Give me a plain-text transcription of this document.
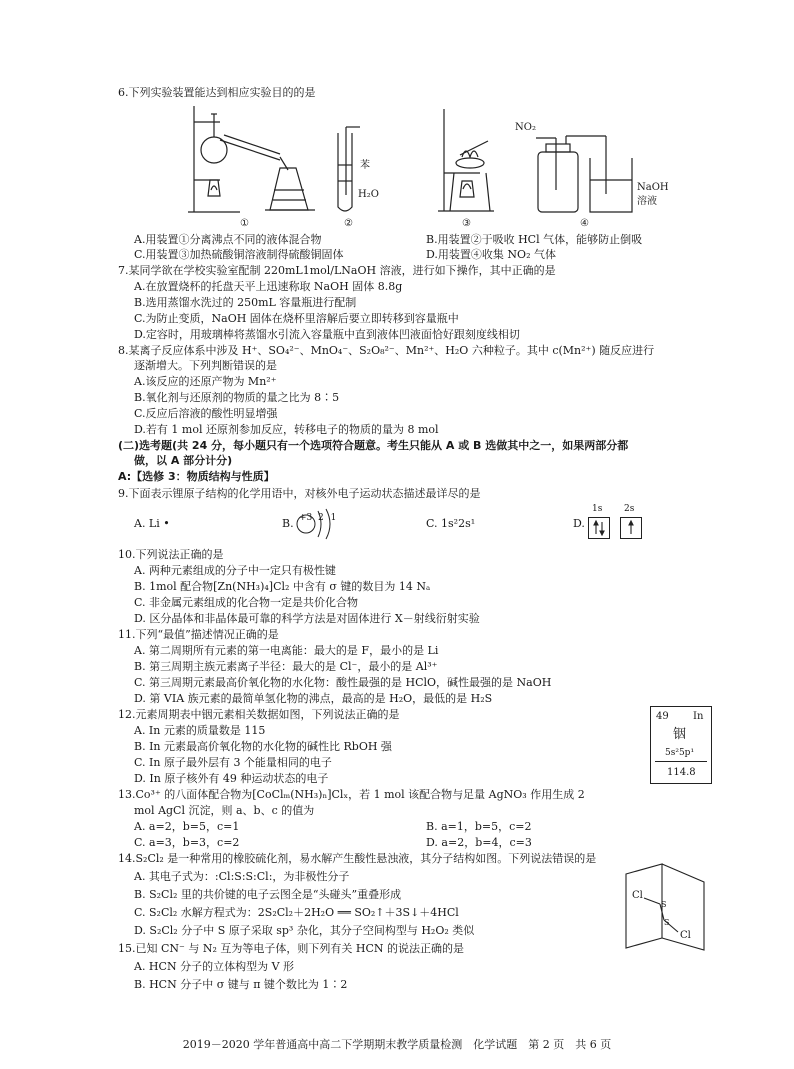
6.下列实验装置能达到相应实验目的的是
①
苯
H₂O
②	③
NO₂
NaOH
溶液
④
A.用装置①分离沸点不同的液体混合物	B.用装置②于吸收 HCl 气体，能够防止倒吸
C.用装置③加热硫酸铜溶液制得硫酸铜固体	D.用装置④收集 NO₂ 气体
7.某同学欲在学校实验室配制 220mL1mol/LNaOH 溶液，进行如下操作，其中正确的是
A.在放置烧杯的托盘天平上迅速称取 NaOH 固体 8.8g
B.选用蒸馏水洗过的 250mL 容量瓶进行配制
C.为防止变质，NaOH 固体在烧杯里溶解后要立即转移到容量瓶中
D.定容时，用玻璃棒将蒸馏水引流入容量瓶中直到液体凹液面恰好跟刻度线相切
8.某离子反应体系中涉及 H⁺、SO₄²⁻、MnO₄⁻、S₂O₈²⁻、Mn²⁺、H₂O 六种粒子。其中 c(Mn²⁺) 随反应进行
逐渐增大。下列判断错误的是
A.该反应的还原产物为 Mn²⁺
B.氧化剂与还原剂的物质的量之比为 8∶5
C.反应后溶液的酸性明显增强
D.若有 1 mol 还原剂参加反应，转移电子的物质的量为 8 mol
(二)选考题(共 24 分，每小题只有一个选项符合题意。考生只能从 A 或 B 选做其中之一，如果两部分都
做，以 A 部分计分)
A:【选修 3：物质结构与性质】
9.下面表示锂原子结构的化学用语中，对核外电子运动状态描述最详尽的是
A. Li •	B. +3 2 1	C. 1s²2s¹	D.
1s 2s
10.下列说法正确的是
A. 两种元素组成的分子中一定只有极性键
B. 1mol 配合物[Zn(NH₃)₄]Cl₂ 中含有 σ 键的数目为 14 Nₐ
C. 非金属元素组成的化合物一定是共价化合物
D. 区分晶体和非晶体最可靠的科学方法是对固体进行 X－射线衍射实验
11.下列“最值”描述情况正确的是
A. 第二周期所有元素的第一电离能：最大的是 F，最小的是 Li
B. 第三周期主族元素离子半径：最大的是 Cl⁻，最小的是 Al³⁺
C. 第三周期元素最高价氧化物的水化物：酸性最强的是 HClO，碱性最强的是 NaOH
D. 第 VIA 族元素的最简单氢化物的沸点，最高的是 H₂O，最低的是 H₂S
12.元素周期表中铟元素相关数据如图，下列说法正确的是
A. In 元素的质量数是 115
B. In 元素最高价氧化物的水化物的碱性比 RbOH 强
C. In 原子最外层有 3 个能量相同的电子
D. In 原子核外有 49 种运动状态的电子
49 In
铟
5s²5p¹
114.8
13.Co³⁺ 的八面体配合物为[CoClₘ(NH₃)ₙ]Clₓ，若 1 mol 该配合物与足量 AgNO₃ 作用生成 2
mol AgCl 沉淀，则 a、b、c 的值为
A. a=2，b=5，c=1	B. a=1，b=5，c=2
C. a=3，b=3，c=2	D. a=2，b=4，c=3
14.S₂Cl₂ 是一种常用的橡胶硫化剂，易水解产生酸性悬浊液，其分子结构如图。下列说法错误的是
A. 其电子式为：:Cl:S:S:Cl:，为非极性分子
B. S₂Cl₂ 里的共价键的电子云图全是“头碰头”重叠形成
C. S₂Cl₂ 水解方程式为：2S₂Cl₂＋2H₂O ══ SO₂↑＋3S↓＋4HCl
D. S₂Cl₂ 分子中 S 原子采取 sp³ 杂化，其分子空间构型与 H₂O₂ 类似
Cl
S
S
Cl
15.已知 CN⁻ 与 N₂ 互为等电子体，则下列有关 HCN 的说法正确的是
A. HCN 分子的立体构型为 V 形
B. HCN 分子中 σ 键与 π 键个数比为 1∶2
2019－2020 学年普通高中高二下学期期末教学质量检测　化学试题　第 2 页　共 6 页
